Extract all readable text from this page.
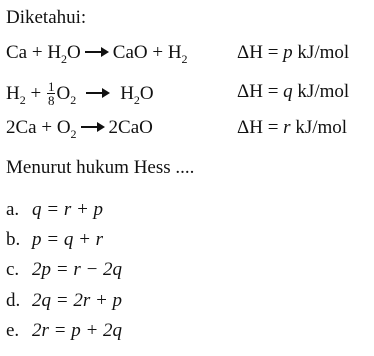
Diketahui:
$Ca + H_2O$ CaO + $H_2$	ΔH = p kJ/mol
$H_2 + \frac{1}{8} O_2$ $H_2O$	ΔH = q kJ/mol
$2Ca + O_2$ 2CaO	ΔH = r kJ/mol
Menurut hukum Hess ....
a. q = r + p
b. p = q + r
c. 2p = r − 2q
d. 2q = 2r + p
e. 2r = p + 2q
